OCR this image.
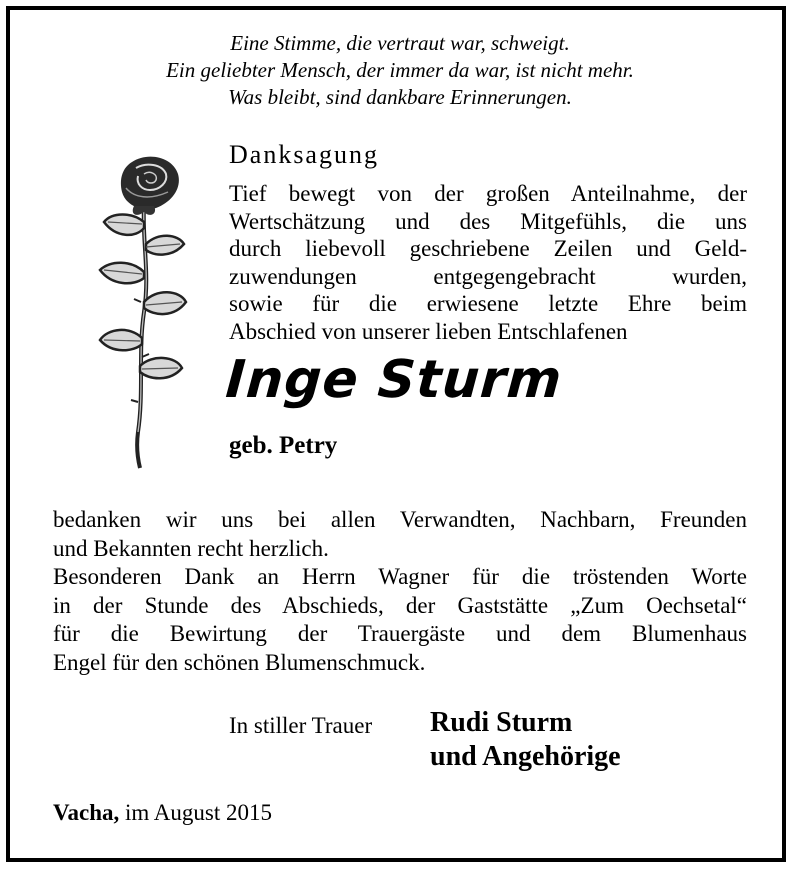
Eine Stimme, die vertraut war, schweigt.
Ein geliebter Mensch, der immer da war, ist nicht mehr.
Was bleibt, sind dankbare Erinnerungen.
Danksagung
Tief bewegt von der großen Anteilnahme, der
Wertschätzung und des Mitgefühls, die uns
durch liebevoll geschriebene Zeilen und Geld-
zuwendungen entgegengebracht wurden,
sowie für die erwiesene letzte Ehre beim
Abschied von unserer lieben Entschlafenen
Inge Sturm
geb. Petry
bedanken wir uns bei allen Verwandten, Nachbarn, Freunden
und Bekannten recht herzlich.
Besonderen Dank an Herrn Wagner für die tröstenden Worte
in der Stunde des Abschieds, der Gaststätte „Zum Oechsetal“
für die Bewirtung der Trauergäste und dem Blumenhaus
Engel für den schönen Blumenschmuck.
In stiller Trauer Rudi Sturm
und Angehörige
Vacha, im August 2015
